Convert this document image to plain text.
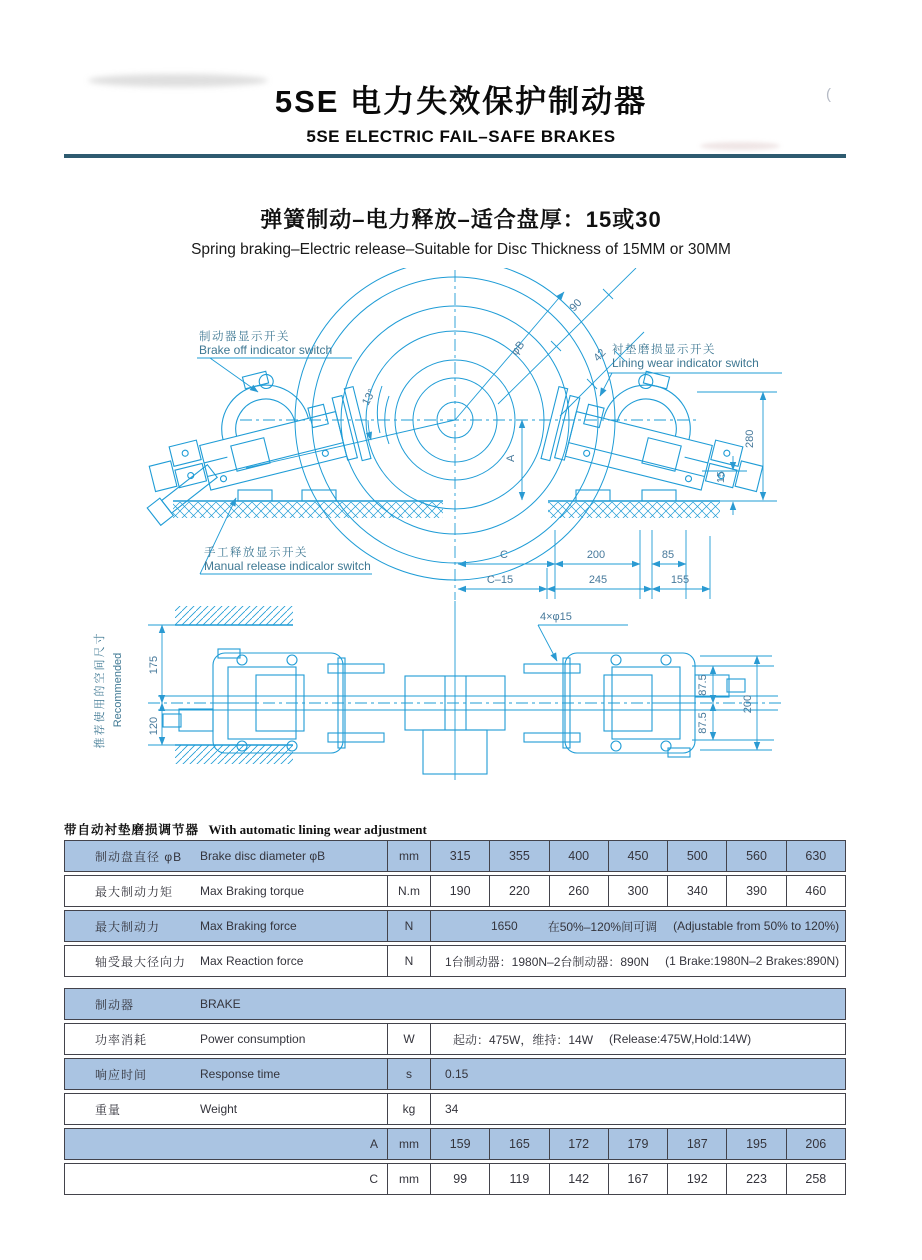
(
5SE 电力失效保护制动器
5SE ELECTRIC FAIL–SAFE BRAKES
弹簧制动–电力释放–适合盘厚：15或30
Spring braking–Electric release–Suitable for Disc Thickness of 15MM or 30MM
13°
φB
90
42
A
280
15
C	200	85
C–15	245	155
175
120
4×φ15
87.5
87.5
200
制动器显示开关
Brake off indicator switch
手工释放显示开关
Manual release indicalor switch
衬垫磨损显示开关
Lining wear indicator switch
推荐使用的空间尺寸 Recommended
带自动衬垫磨损调节器 With automatic lining wear adjustment
制动盘直径 φB	Brake disc diameter φB	mm	315	355	400	450	500	560	630
最大制动力矩	Max Braking torque	N.m	190	220	260	300	340	390	460
最大制动力	Max Braking force	N	1650	在50%–120%间可调 (Adjustable from 50% to 120%)
轴受最大径向力	Max Reaction force	N	1台制动器：1980N–2台制动器：890N (1 Brake:1980N–2 Brakes:890N)
制动器	BRAKE
功率消耗	Power consumption	W	起动：475W，维持：14W (Release:475W,Hold:14W)
响应时间	Response time	s	0.15
重量	Weight	kg	34
A	mm	159	165	172	179	187	195	206
C	mm	99	119	142	167	192	223	258
